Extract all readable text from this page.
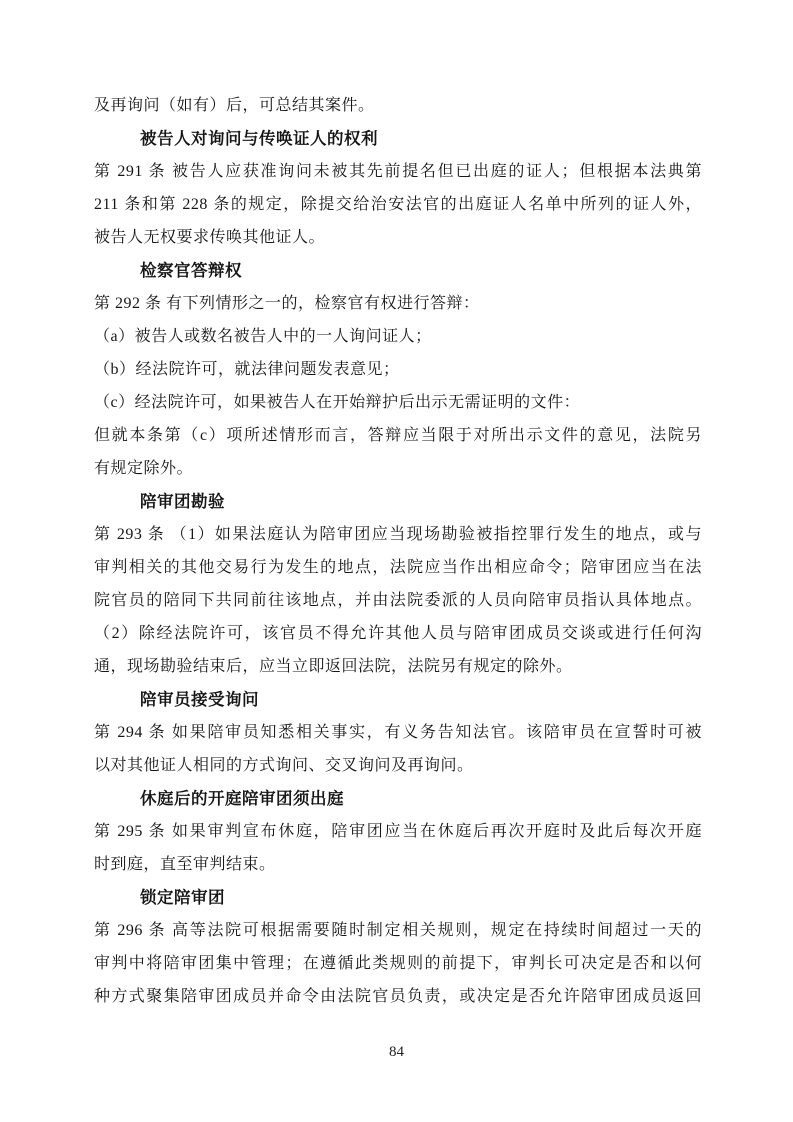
及再询问（如有）后，可总结其案件。
被告人对询问与传唤证人的权利
第 291 条 被告人应获准询问未被其先前提名但已出庭的证人；但根据本法典第
211 条和第 228 条的规定，除提交给治安法官的出庭证人名单中所列的证人外，
被告人无权要求传唤其他证人。
检察官答辩权
第 292 条 有下列情形之一的，检察官有权进行答辩：
（a）被告人或数名被告人中的一人询问证人；
（b）经法院许可，就法律问题发表意见；
（c）经法院许可，如果被告人在开始辩护后出示无需证明的文件：
但就本条第（c）项所述情形而言，答辩应当限于对所出示文件的意见，法院另
有规定除外。
陪审团勘验
第 293 条 （1）如果法庭认为陪审团应当现场勘验被指控罪行发生的地点，或与
审判相关的其他交易行为发生的地点，法院应当作出相应命令；陪审团应当在法
院官员的陪同下共同前往该地点，并由法院委派的人员向陪审员指认具体地点。
（2）除经法院许可，该官员不得允许其他人员与陪审团成员交谈或进行任何沟
通，现场勘验结束后，应当立即返回法院，法院另有规定的除外。
陪审员接受询问
第 294 条 如果陪审员知悉相关事实，有义务告知法官。该陪审员在宣誓时可被
以对其他证人相同的方式询问、交叉询问及再询问。
休庭后的开庭陪审团须出庭
第 295 条 如果审判宣布休庭，陪审团应当在休庭后再次开庭时及此后每次开庭
时到庭，直至审判结束。
锁定陪审团
第 296 条 高等法院可根据需要随时制定相关规则，规定在持续时间超过一天的
审判中将陪审团集中管理；在遵循此类规则的前提下，审判长可决定是否和以何
种方式聚集陪审团成员并命令由法院官员负责，或决定是否允许陪审团成员返回
84
